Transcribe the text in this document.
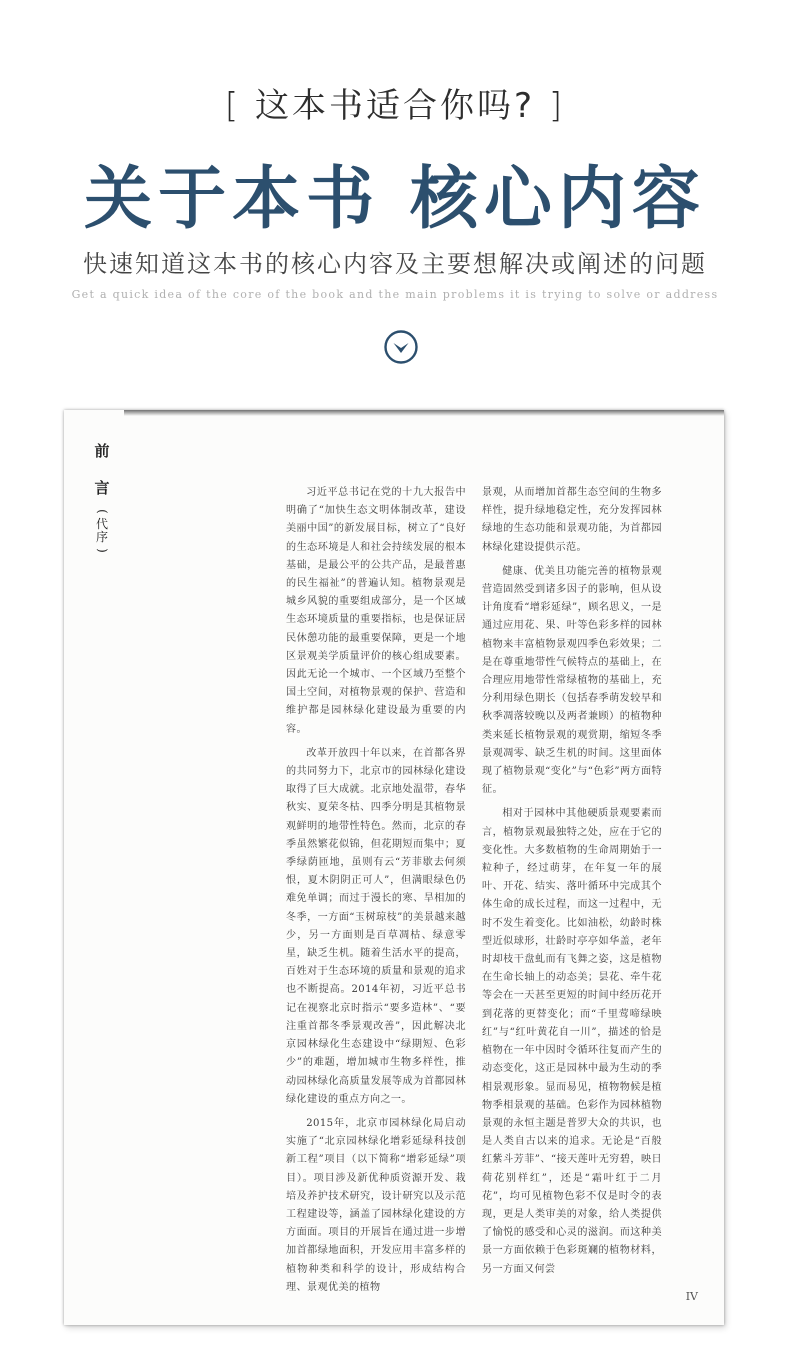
[ 这本书适合你吗? ]
关于本书 核心内容
快速知道这本书的核心内容及主要想解决或阐述的问题
Get a quick idea of the core of the book and the main problems it is trying to solve or address
前
言
(
代
序
)

习近平总书记在党的十九大报告中明确了“加快生态文明体制改革，建设美丽中国”的新发展目标，树立了“良好的生态环境是人和社会持续发展的根本基础，是最公平的公共产品，是最普惠的民生福祉”的普遍认知。植物景观是城乡风貌的重要组成部分，是一个区域生态环境质量的重要指标，也是保证居民休憩功能的最重要保障，更是一个地区景观美学质量评价的核心组成要素。因此无论一个城市、一个区域乃至整个国土空间，对植物景观的保护、营造和维护都是园林绿化建设最为重要的内容。

改革开放四十年以来，在首都各界的共同努力下，北京市的园林绿化建设取得了巨大成就。北京地处温带，春华秋实、夏荣冬枯、四季分明是其植物景观鲜明的地带性特色。然而，北京的春季虽然繁花似锦，但花期短而集中；夏季绿荫匝地，虽则有云“芳菲歇去何须恨，夏木阴阴正可人”，但满眼绿色仍难免单调；而过于漫长的寒、旱相加的冬季，一方面“玉树琼枝”的美景越来越少，另一方面则是百草凋枯、绿意零星，缺乏生机。随着生活水平的提高，百姓对于生态环境的质量和景观的追求也不断提高。2014年初，习近平总书记在视察北京时指示“要多造林”、“要注重首都冬季景观改善”，因此解决北京园林绿化生态建设中“绿期短、色彩少”的难题，增加城市生物多样性，推动园林绿化高质量发展等成为首都园林绿化建设的重点方向之一。

2015年，北京市园林绿化局启动实施了“北京园林绿化增彩延绿科技创新工程”项目（以下简称“增彩延绿”项目）。项目涉及新优种质资源开发、栽培及养护技术研究，设计研究以及示范工程建设等，涵盖了园林绿化建设的方方面面。项目的开展旨在通过进一步增加首都绿地面积，开发应用丰富多样的植物种类和科学的设计，形成结构合理、景观优美的植物

景观，从而增加首都生态空间的生物多样性，提升绿地稳定性，充分发挥园林绿地的生态功能和景观功能，为首都园林绿化建设提供示范。

健康、优美且功能完善的植物景观营造固然受到诸多因子的影响，但从设计角度看“增彩延绿”，顾名思义，一是通过应用花、果、叶等色彩多样的园林植物来丰富植物景观四季色彩效果；二是在尊重地带性气候特点的基础上，在合理应用地带性常绿植物的基础上，充分利用绿色期长（包括春季萌发较早和秋季凋落较晚以及两者兼顾）的植物种类来延长植物景观的观赏期，缩短冬季景观凋零、缺乏生机的时间。这里面体现了植物景观“变化”与“色彩”两方面特征。

相对于园林中其他硬质景观要素而言，植物景观最独特之处，应在于它的变化性。大多数植物的生命周期始于一粒种子，经过萌芽，在年复一年的展叶、开花、结实、落叶循环中完成其个体生命的成长过程，而这一过程中，无时不发生着变化。比如油松，幼龄时株型近似球形，壮龄时亭亭如华盖，老年时却枝干盘虬而有飞舞之姿，这是植物在生命长轴上的动态美；昙花、牵牛花等会在一天甚至更短的时间中经历花开到花落的更替变化；而“千里莺啼绿映红”与“红叶黄花自一川”，描述的恰是植物在一年中因时令循环往复而产生的动态变化，这正是园林中最为生动的季相景观形象。显而易见，植物物候是植物季相景观的基础。色彩作为园林植物景观的永恒主题是普罗大众的共识，也是人类自古以来的追求。无论是“百般红紫斗芳菲”、“接天莲叶无穷碧，映日荷花别样红”，还是“霜叶红于二月花”，均可见植物色彩不仅是时令的表现，更是人类审美的对象，给人类提供了愉悦的感受和心灵的滋润。而这种美景一方面依赖于色彩斑斓的植物材料，另一方面又何尝

IV
